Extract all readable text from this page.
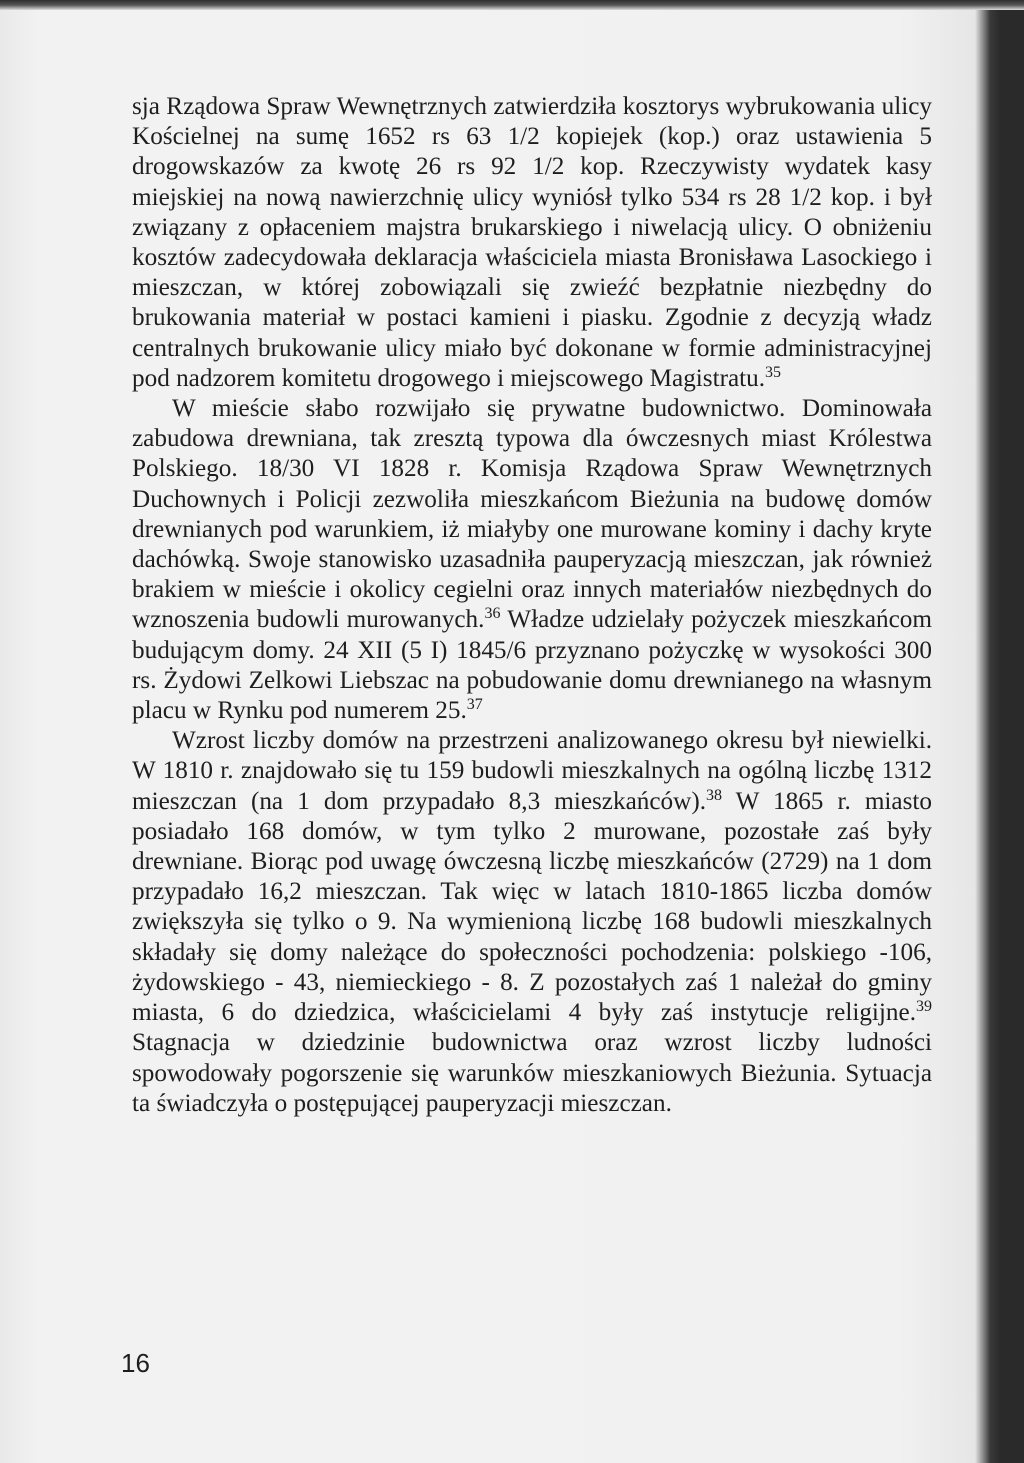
sja Rządowa Spraw Wewnętrznych zatwierdziła kosztorys wybrukowania ulicy Kościelnej na sumę 1652 rs 63 1/2 kopiejek (kop.) oraz ustawienia 5 drogowskazów za kwotę 26 rs 92 1/2 kop. Rzeczywisty wydatek kasy miejskiej na nową nawierzchnię ulicy wyniósł tylko 534 rs 28 1/2 kop. i był związany z opłaceniem majstra brukarskiego i niwelacją ulicy. O obniżeniu kosztów zadecydowała deklaracja właściciela miasta Bronisława Lasockiego i mieszczan, w której zobowiązali się zwieźć bezpłatnie niezbędny do brukowania materiał w postaci kamieni i piasku. Zgodnie z decyzją władz centralnych brukowanie ulicy miało być dokonane w formie administracyjnej pod nadzorem komitetu drogowego i miejscowego Magistratu.$^{35}$

W mieście słabo rozwijało się prywatne budownictwo. Dominowała zabudowa drewniana, tak zresztą typowa dla ówczesnych miast Królestwa Polskiego. 18/30 VI 1828 r. Komisja Rządowa Spraw Wewnętrznych Duchownych i Policji zezwoliła mieszkańcom Bieżunia na budowę domów drewnianych pod warunkiem, iż miałyby one murowane kominy i dachy kryte dachówką. Swoje stanowisko uzasadniła pauperyzacją mieszczan, jak również brakiem w mieście i okolicy cegielni oraz innych materiałów niezbędnych do wznoszenia budowli murowanych.$^{36}$ Władze udzielały pożyczek mieszkańcom budującym domy. 24 XII (5 I) 1845/6 przyznano pożyczkę w wysokości 300 rs. Żydowi Zelkowi Liebszac na pobudowanie domu drewnianego na własnym placu w Rynku pod numerem 25.37

Wzrost liczby domów na przestrzeni analizowanego okresu był niewielki. W 1810 r. znajdowało się tu 159 budowli mieszkalnych na ogólną liczbę 1312 mieszczan (na 1 dom przypadało 8,3 mieszkańców).$^{38}$ W 1865 r. miasto posiadało 168 domów, w tym tylko 2 murowane, pozostałe zaś były drewniane. Biorąc pod uwagę ówczesną liczbę mieszkańców (2729) na 1 dom przypadało 16,2 mieszczan. Tak więc w latach 1810-1865 liczba domów zwiększyła się tylko o 9. Na wymienioną liczbę 168 budowli mieszkalnych składały się domy należące do społeczności pochodzenia: polskiego -106, żydowskiego - 43, niemieckiego - 8. Z pozostałych zaś 1 należał do gminy miasta, 6 do dziedzica, właścicielami 4 były zaś instytucje religijne.$^{39}$ Stagnacja w dziedzinie budownictwa oraz wzrost liczby ludności spowodowały pogorszenie się warunków mieszkaniowych Bieżunia. Sytuacja ta świadczyła o postępującej pauperyzacji mieszczan.

16
